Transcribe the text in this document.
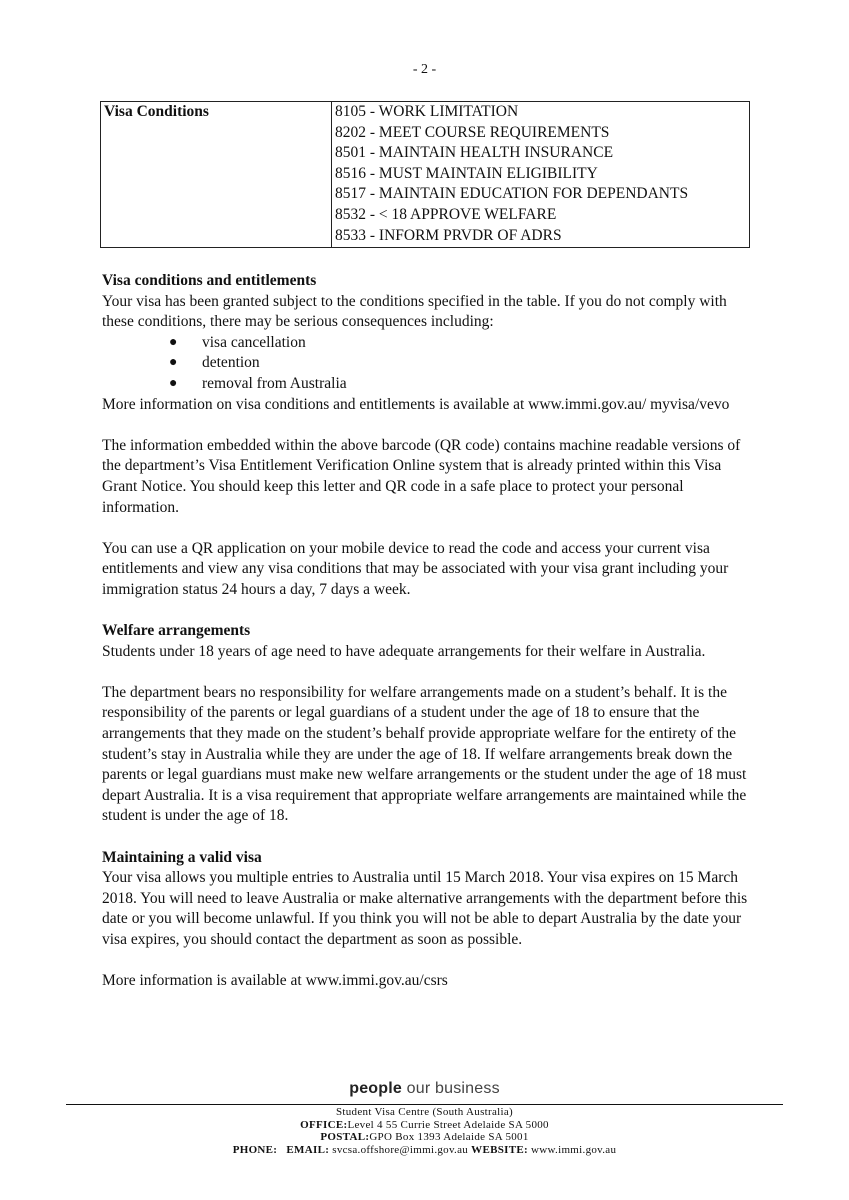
- 2 -
Visa Conditions	8105 - WORK LIMITATION
8202 - MEET COURSE REQUIREMENTS
8501 - MAINTAIN HEALTH INSURANCE
8516 - MUST MAINTAIN ELIGIBILITY
8517 - MAINTAIN EDUCATION FOR DEPENDANTS
8532 - < 18 APPROVE WELFARE
8533 - INFORM PRVDR OF ADRS
Visa conditions and entitlements

Your visa has been granted subject to the conditions specified in the table. If you do not comply with these conditions, there may be serious consequences including:

● visa cancellation
● detention
● removal from Australia

More information on visa conditions and entitlements is available at www.immi.gov.au/ myvisa/vevo

The information embedded within the above barcode (QR code) contains machine readable versions of the department’s Visa Entitlement Verification Online system that is already printed within this Visa Grant Notice. You should keep this letter and QR code in a safe place to protect your personal information.

You can use a QR application on your mobile device to read the code and access your current visa entitlements and view any visa conditions that may be associated with your visa grant including your immigration status 24 hours a day, 7 days a week.

Welfare arrangements

Students under 18 years of age need to have adequate arrangements for their welfare in Australia.

The department bears no responsibility for welfare arrangements made on a student’s behalf. It is the responsibility of the parents or legal guardians of a student under the age of 18 to ensure that the arrangements that they made on the student’s behalf provide appropriate welfare for the entirety of the student’s stay in Australia while they are under the age of 18. If welfare arrangements break down the parents or legal guardians must make new welfare arrangements or the student under the age of 18 must depart Australia. It is a visa requirement that appropriate welfare arrangements are maintained while the student is under the age of 18.

Maintaining a valid visa

Your visa allows you multiple entries to Australia until 15 March 2018. Your visa expires on 15 March 2018. You will need to leave Australia or make alternative arrangements with the department before this date or you will become unlawful. If you think you will not be able to depart Australia by the date your visa expires, you should contact the department as soon as possible.

More information is available at www.immi.gov.au/csrs

people our business
Student Visa Centre (South Australia)
OFFICE:Level 4 55 Currie Street Adelaide SA 5000
POSTAL:GPO Box 1393 Adelaide SA 5001
PHONE: EMAIL: svcsa.offshore@immi.gov.au WEBSITE: www.immi.gov.au
